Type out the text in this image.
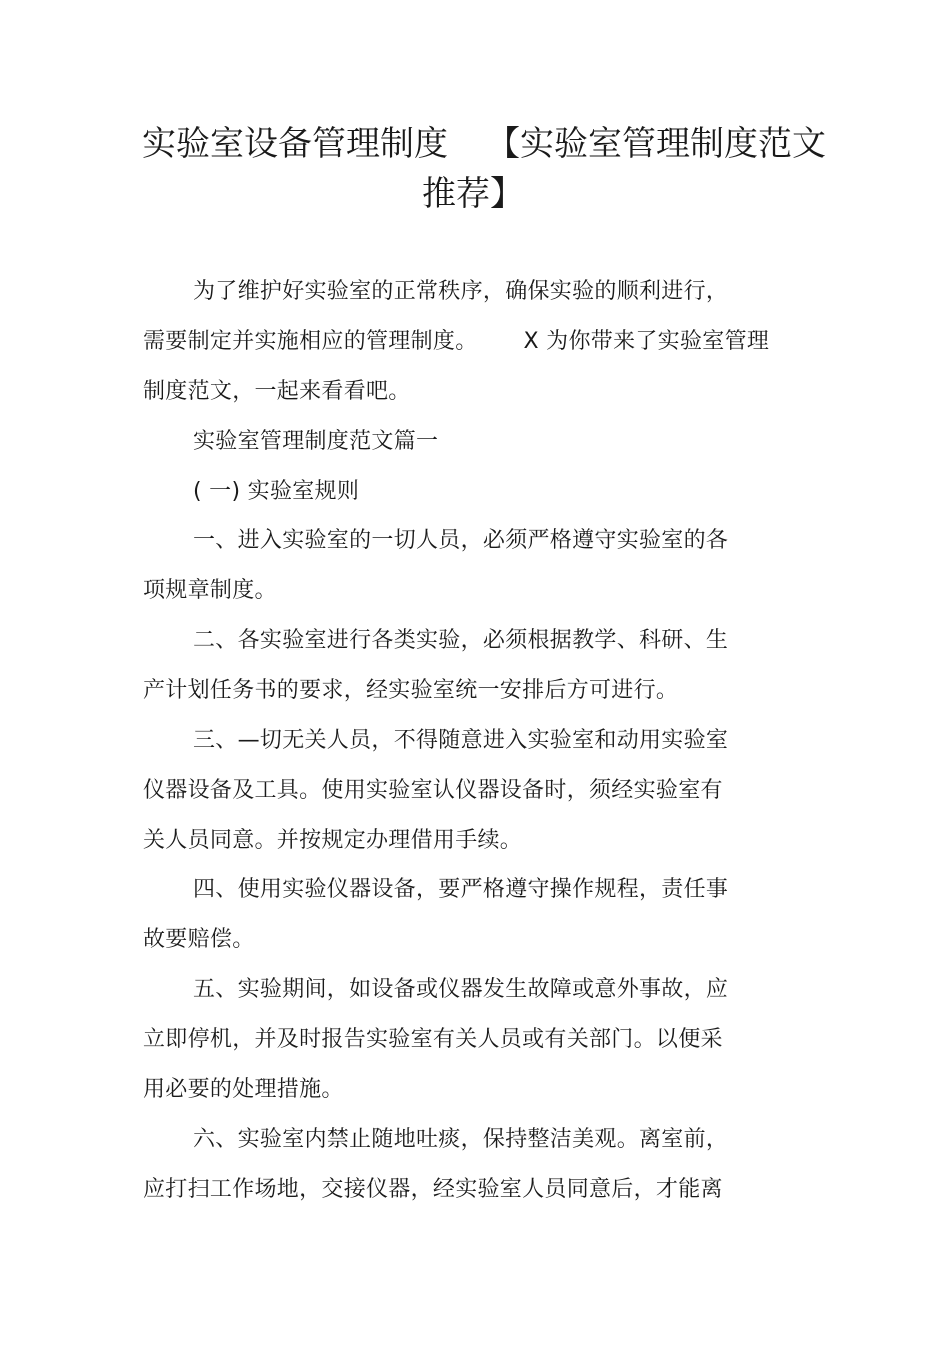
实验室设备管理制度 【实验室管理制度范文
推荐】
为了维护好实验室的正常秩序，确保实验的顺利进行，
需要制定并实施相应的管理制度。 X 为你带来了实验室管理
制度范文，一起来看看吧。
实验室管理制度范文篇一
( 一) 实验室规则
一、进入实验室的一切人员，必须严格遵守实验室的各
项规章制度。
二、各实验室进行各类实验，必须根据教学、科研、生
产计划任务书的要求，经实验室统一安排后方可进行。
三、—切无关人员，不得随意进入实验室和动用实验室
仪器设备及工具。使用实验室认仪器设备时，须经实验室有
关人员同意。并按规定办理借用手续。
四、使用实验仪器设备，要严格遵守操作规程，责任事
故要赔偿。
五、实验期间，如设备或仪器发生故障或意外事故，应
立即停机，并及时报告实验室有关人员或有关部门。以便采
用必要的处理措施。
六、实验室内禁止随地吐痰，保持整洁美观。离室前，
应打扫工作场地，交接仪器，经实验室人员同意后，才能离
